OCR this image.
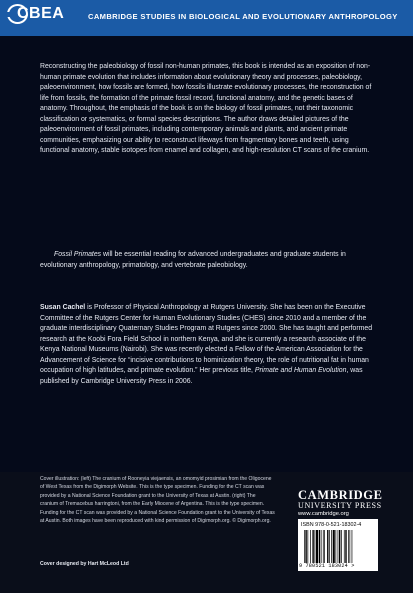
CBEA	CAMBRIDGE STUDIES IN BIOLOGICAL AND EVOLUTIONARY ANTHROPOLOGY
Reconstructing the paleobiology of fossil non-human primates, this book is intended as an exposition of non-human primate evolution that includes information about evolutionary theory and processes, paleobiology, paleoenvironment, how fossils are formed, how fossils illustrate evolutionary processes, the reconstruction of life from fossils, the formation of the primate fossil record, functional anatomy, and the genetic bases of anatomy. Throughout, the emphasis of the book is on the biology of fossil primates, not their taxonomic classification or systematics, or formal species descriptions. The author draws detailed pictures of the paleoenvironment of fossil primates, including contemporary animals and plants, and ancient primate communities, emphasizing our ability to reconstruct lifeways from fragmentary bones and teeth, using functional anatomy, stable isotopes from enamel and collagen, and high-resolution CT scans of the cranium.
Fossil Primates will be essential reading for advanced undergraduates and graduate students in evolutionary anthropology, primatology, and vertebrate paleobiology.
Susan Cachel is Professor of Physical Anthropology at Rutgers University. She has been on the Executive Committee of the Rutgers Center for Human Evolutionary Studies (CHES) since 2010 and a member of the graduate interdisciplinary Quaternary Studies Program at Rutgers since 2000. She has taught and performed research at the Koobi Fora Field School in northern Kenya, and she is currently a research associate of the Kenya National Museums (Nairobi). She was recently elected a Fellow of the American Association for the Advancement of Science for “incisive contributions to hominization theory, the role of nutritional fat in human occupation of high latitudes, and primate evolution.” Her previous title, Primate and Human Evolution, was published by Cambridge University Press in 2006.
Cover illustration: (left) The cranium of Rooneyia viejaensis, an omomyid prosimian from the Oligocene of West Texas from the Digimorph Website. This is the type specimen. Funding for the CT scan was provided by a National Science Foundation grant to the University of Texas at Austin. (right) The cranium of Tremacebus harringtoni, from the Early Miocene of Argentina. This is the type specimen. Funding for the CT scan was provided by a National Science Foundation grant to the University of Texas at Austin. Both images have been reproduced with kind permission of Digimorph.org. © Digimorph.org.
Cover designed by Hart McLeod Ltd
CAMBRIDGE
UNIVERSITY PRESS
www.cambridge.org
ISBN 978-0-521-18302-4
9 780521 183024 >
